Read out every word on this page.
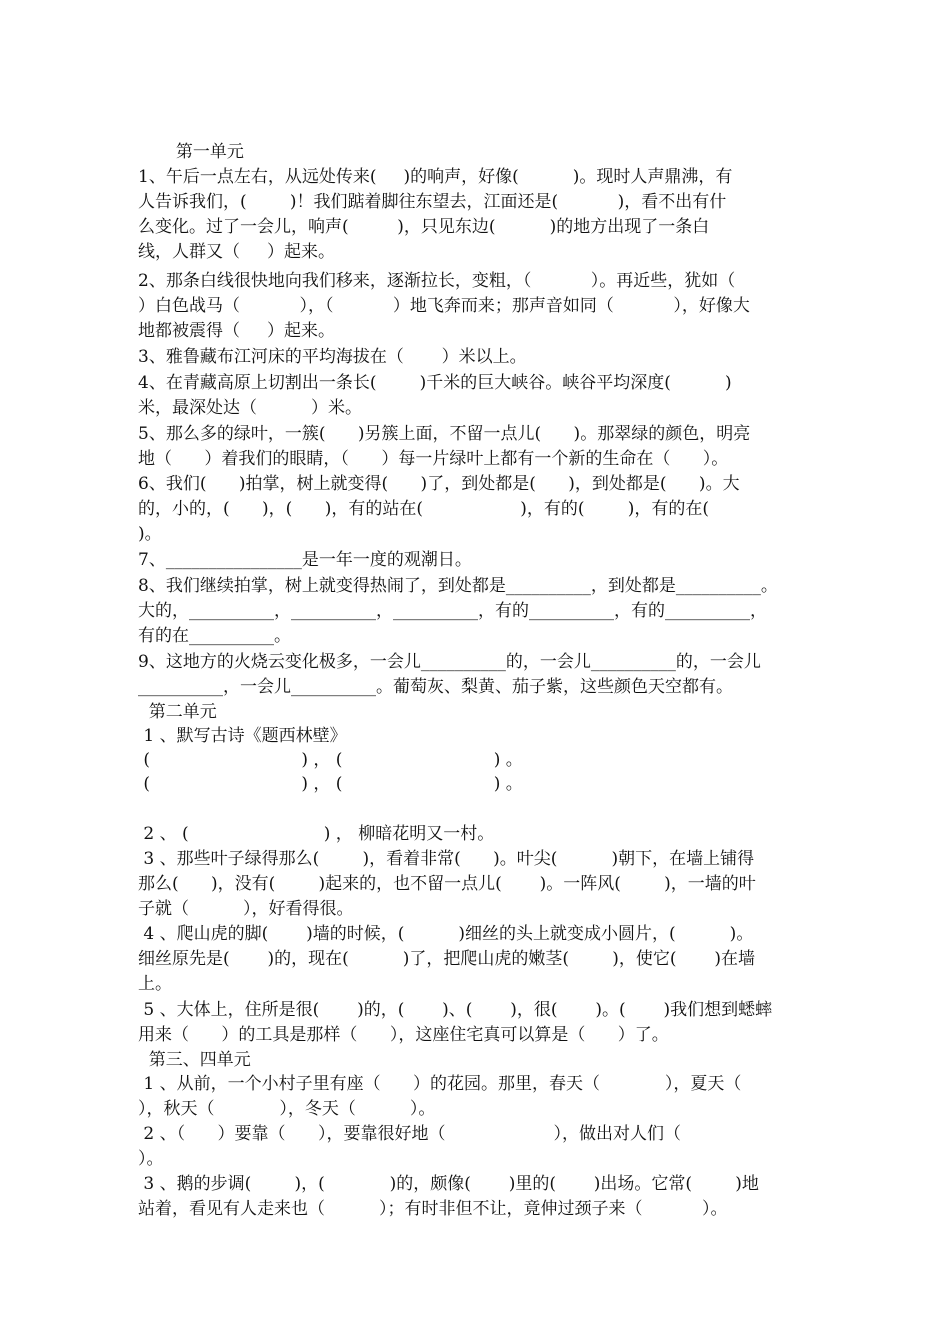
第一单元
1、午后一点左右，从远处传来(     )的响声，好像(          )。现时人声鼎沸，有
人告诉我们，(        )！我们踮着脚往东望去，江面还是(           )，看不出有什
么变化。过了一会儿，响声(         )，只见东边(          )的地方出现了一条白
线，人群又（     ）起来。
2、那条白线很快地向我们移来，逐渐拉长，变粗，（           ）。再近些，犹如（
）白色战马（           ），（           ）地飞奔而来；那声音如同（           ），好像大
地都被震得（     ）起来。
3、雅鲁藏布江河床的平均海拔在（       ）米以上。
4、在青藏高原上切割出一条长(        )千米的巨大峡谷。峡谷平均深度(          )
米，最深处达（          ）米。
5、那么多的绿叶，一簇(      )另簇上面，不留一点儿(      )。那翠绿的颜色，明亮
地（      ）着我们的眼睛，（      ）每一片绿叶上都有一个新的生命在（      ）。
6、我们(      )拍掌，树上就变得(      )了，到处都是(      )，到处都是(      )。大
的，小的，(      )，(      )，有的站在(                  )，有的(        )，有的在(
)。
7、________________是一年一度的观潮日。
8、我们继续拍掌，树上就变得热闹了，到处都是__________，到处都是__________。
大的，__________，__________，__________，有的__________，有的__________，
有的在__________。
9、这地方的火烧云变化极多，一会儿__________的，一会儿__________的，一会儿
__________，一会儿__________。葡萄灰、梨黄、茄子紫，这些颜色天空都有。
第二单元
1 、默写古诗《题西林壁》
(                            ) ， (                            ) 。
(                            ) ， (                            ) 。
2 、 (                         ) ， 柳暗花明又一村。
3 、那些叶子绿得那么(        )，看着非常(      )。叶尖(          )朝下，在墙上铺得
那么(      )，没有(        )起来的，也不留一点儿(       )。一阵风(        )，一墙的叶
子就（          ），好看得很。
4 、爬山虎的脚(       )墙的时候，(          )细丝的头上就变成小圆片，(          )。
细丝原先是(       )的，现在(          )了，把爬山虎的嫩茎(        )，使它(       )在墙
上。
5 、大体上，住所是很(       )的，(       )、(       )，很(       )。(       )我们想到蟋蟀
用来（      ）的工具是那样（      ），这座住宅真可以算是（      ）了。
第三、四单元
1 、从前，一个小村子里有座（      ）的花园。那里，春天（            ），夏天（
），秋天（            ），冬天（          ）。
2 、（      ）要靠（      ），要靠很好地（                    ），做出对人们（
）。
3 、鹅的步调(        )，(            )的，颇像(       )里的(       )出场。它常(        )地
站着，看见有人走来也（          ）；有时非但不让，竟伸过颈子来（           ）。
